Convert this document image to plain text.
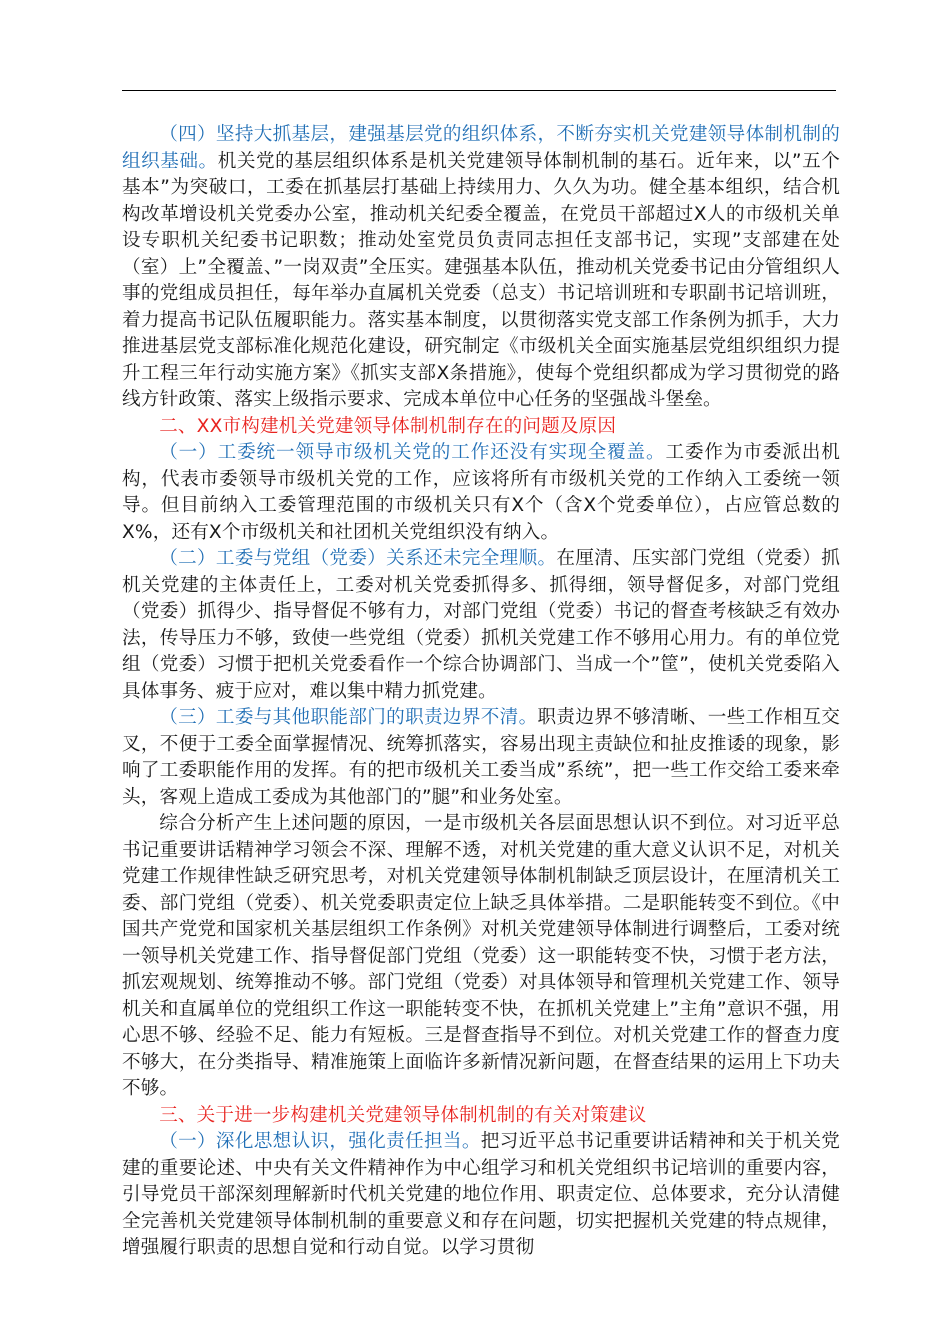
（四）坚持大抓基层，建强基层党的组织体系，不断夯实机关党建领导体制机制的组织基础。机关党的基层组织体系是机关党建领导体制机制的基石。近年来，以”五个基本”为突破口，工委在抓基层打基础上持续用力、久久为功。健全基本组织，结合机构改革增设机关党委办公室，推动机关纪委全覆盖，在党员干部超过X人的市级机关单设专职机关纪委书记职数；推动处室党员负责同志担任支部书记，实现”支部建在处（室）上”全覆盖、”一岗双责”全压实。建强基本队伍，推动机关党委书记由分管组织人事的党组成员担任，每年举办直属机关党委（总支）书记培训班和专职副书记培训班，着力提高书记队伍履职能力。落实基本制度，以贯彻落实党支部工作条例为抓手，大力推进基层党支部标准化规范化建设，研究制定《市级机关全面实施基层党组织组织力提升工程三年行动实施方案》《抓实支部X条措施》，使每个党组织都成为学习贯彻党的路线方针政策、落实上级指示要求、完成本单位中心任务的坚强战斗堡垒。

二、XX市构建机关党建领导体制机制存在的问题及原因

（一）工委统一领导市级机关党的工作还没有实现全覆盖。工委作为市委派出机构，代表市委领导市级机关党的工作，应该将所有市级机关党的工作纳入工委统一领导。但目前纳入工委管理范围的市级机关只有X个（含X个党委单位），占应管总数的X%，还有X个市级机关和社团机关党组织没有纳入。

（二）工委与党组（党委）关系还未完全理顺。在厘清、压实部门党组（党委）抓机关党建的主体责任上，工委对机关党委抓得多、抓得细，领导督促多，对部门党组（党委）抓得少、指导督促不够有力，对部门党组（党委）书记的督查考核缺乏有效办法，传导压力不够，致使一些党组（党委）抓机关党建工作不够用心用力。有的单位党组（党委）习惯于把机关党委看作一个综合协调部门、当成一个”筐”，使机关党委陷入具体事务、疲于应对，难以集中精力抓党建。

（三）工委与其他职能部门的职责边界不清。职责边界不够清晰、一些工作相互交叉，不便于工委全面掌握情况、统筹抓落实，容易出现主责缺位和扯皮推诿的现象，影响了工委职能作用的发挥。有的把市级机关工委当成”系统”，把一些工作交给工委来牵头，客观上造成工委成为其他部门的”腿”和业务处室。

综合分析产生上述问题的原因，一是市级机关各层面思想认识不到位。对习近平总书记重要讲话精神学习领会不深、理解不透，对机关党建的重大意义认识不足，对机关党建工作规律性缺乏研究思考，对机关党建领导体制机制缺乏顶层设计，在厘清机关工委、部门党组（党委）、机关党委职责定位上缺乏具体举措。二是职能转变不到位。《中国共产党党和国家机关基层组织工作条例》对机关党建领导体制进行调整后，工委对统一领导机关党建工作、指导督促部门党组（党委）这一职能转变不快，习惯于老方法，抓宏观规划、统筹推动不够。部门党组（党委）对具体领导和管理机关党建工作、领导机关和直属单位的党组织工作这一职能转变不快，在抓机关党建上”主角”意识不强，用心思不够、经验不足、能力有短板。三是督查指导不到位。对机关党建工作的督查力度不够大，在分类指导、精准施策上面临许多新情况新问题，在督查结果的运用上下功夫不够。

三、关于进一步构建机关党建领导体制机制的有关对策建议

（一）深化思想认识，强化责任担当。把习近平总书记重要讲话精神和关于机关党建的重要论述、中央有关文件精神作为中心组学习和机关党组织书记培训的重要内容，引导党员干部深刻理解新时代机关党建的地位作用、职责定位、总体要求，充分认清健全完善机关党建领导体制机制的重要意义和存在问题，切实把握机关党建的特点规律，增强履行职责的思想自觉和行动自觉。以学习贯彻
